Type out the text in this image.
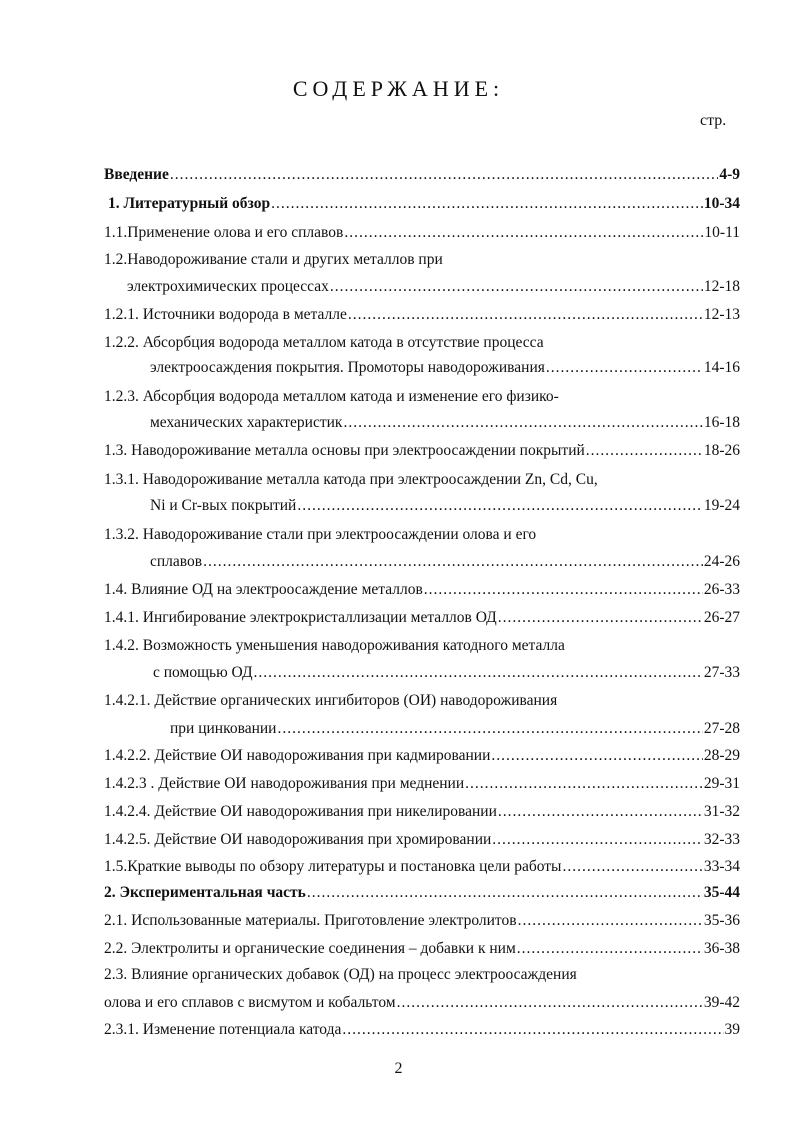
СОДЕРЖАНИЕ:
стр.
Введение .....	4-9
1. Литературный обзор .....	10-34
1.1.Применение олова и его сплавов .....	10-11
1.2.Наводороживание стали и других металлов при
электрохимических процессах .....	12-18
1.2.1. Источники водорода в металле .....	12-13
1.2.2. Абсорбция водорода металлом катода в отсутствие процесса
электроосаждения покрытия. Промоторы наводороживания .....	14-16
1.2.3. Абсорбция водорода металлом катода и изменение его физико-
механических характеристик .....	16-18
1.3. Наводороживание металла основы при электроосаждении покрытий .....	18-26
1.3.1. Наводороживание металла катода при электроосаждении Zn, Cd, Cu,
Ni и Cr-вых покрытий .....	19-24
1.3.2. Наводороживание стали при электроосаждении олова и его
сплавов .....	24-26
1.4. Влияние ОД на электроосаждение металлов .....	26-33
1.4.1. Ингибирование электрокристаллизации металлов ОД .....	26-27
1.4.2. Возможность уменьшения наводороживания катодного металла
с помощью ОД .....	27-33
1.4.2.1. Действие органических ингибиторов (ОИ) наводороживания
при цинковании .....	27-28
1.4.2.2. Действие ОИ наводороживания при кадмировании .....	28-29
1.4.2.3 . Действие ОИ наводороживания при меднении .....	29-31
1.4.2.4. Действие ОИ наводороживания при никелировании .....	31-32
1.4.2.5. Действие ОИ наводороживания при хромировании .....	32-33
1.5.Краткие выводы по обзору литературы и постановка цели работы .....	33-34
2. Экспериментальная часть .....	35-44
2.1. Использованные материалы. Приготовление электролитов .....	35-36
2.2. Электролиты и органические соединения – добавки к ним .....	36-38
2.3. Влияние органических добавок (ОД) на процесс электроосаждения
олова и его сплавов с висмутом и кобальтом .....	39-42
2.3.1. Изменение потенциала катода .....	39
2
